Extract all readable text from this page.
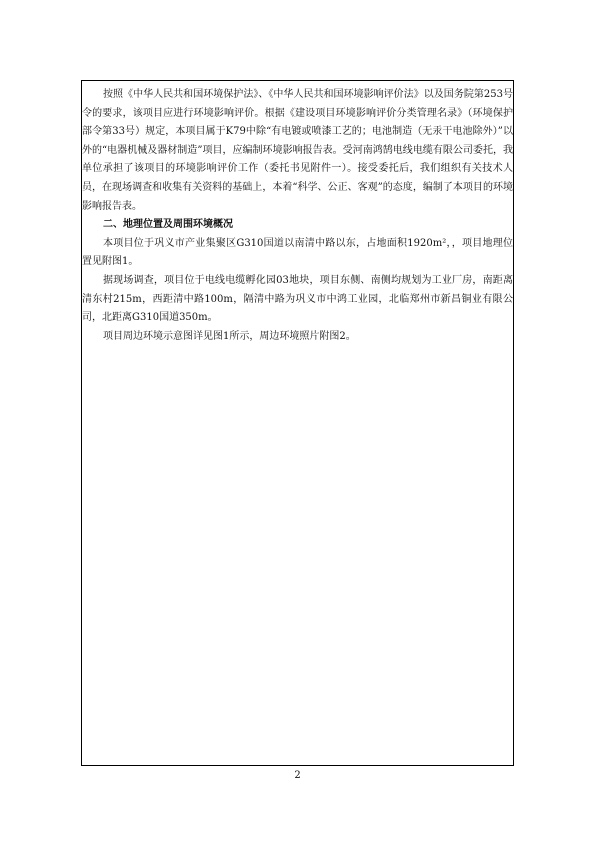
按照《中华人民共和国环境保护法》、《中华人民共和国环境影响评价法》以及国务院第253号令的要求，该项目应进行环境影响评价。根据《建设项目环境影响评价分类管理名录》（环境保护部令第33号）规定，本项目属于K79中除“有电镀或喷漆工艺的；电池制造（无汞干电池除外）”以外的“电器机械及器材制造”项目，应编制环境影响报告表。受河南鸿鹄电线电缆有限公司委托，我单位承担了该项目的环境影响评价工作（委托书见附件一）。接受委托后，我们组织有关技术人员，在现场调查和收集有关资料的基础上，本着“科学、公正、客观”的态度，编制了本项目的环境影响报告表。

二、地理位置及周围环境概况

本项目位于巩义市产业集聚区G310国道以南清中路以东，占地面积1920m²，，项目地理位置见附图1。

据现场调查，项目位于电线电缆孵化园03地块，项目东侧、南侧均规划为工业厂房，南距离清东村215m，西距清中路100m，隔清中路为巩义市中鸿工业园，北临郑州市新昌铜业有限公司，北距离G310国道350m。

项目周边环境示意图详见图1所示，周边环境照片附图2。

2
